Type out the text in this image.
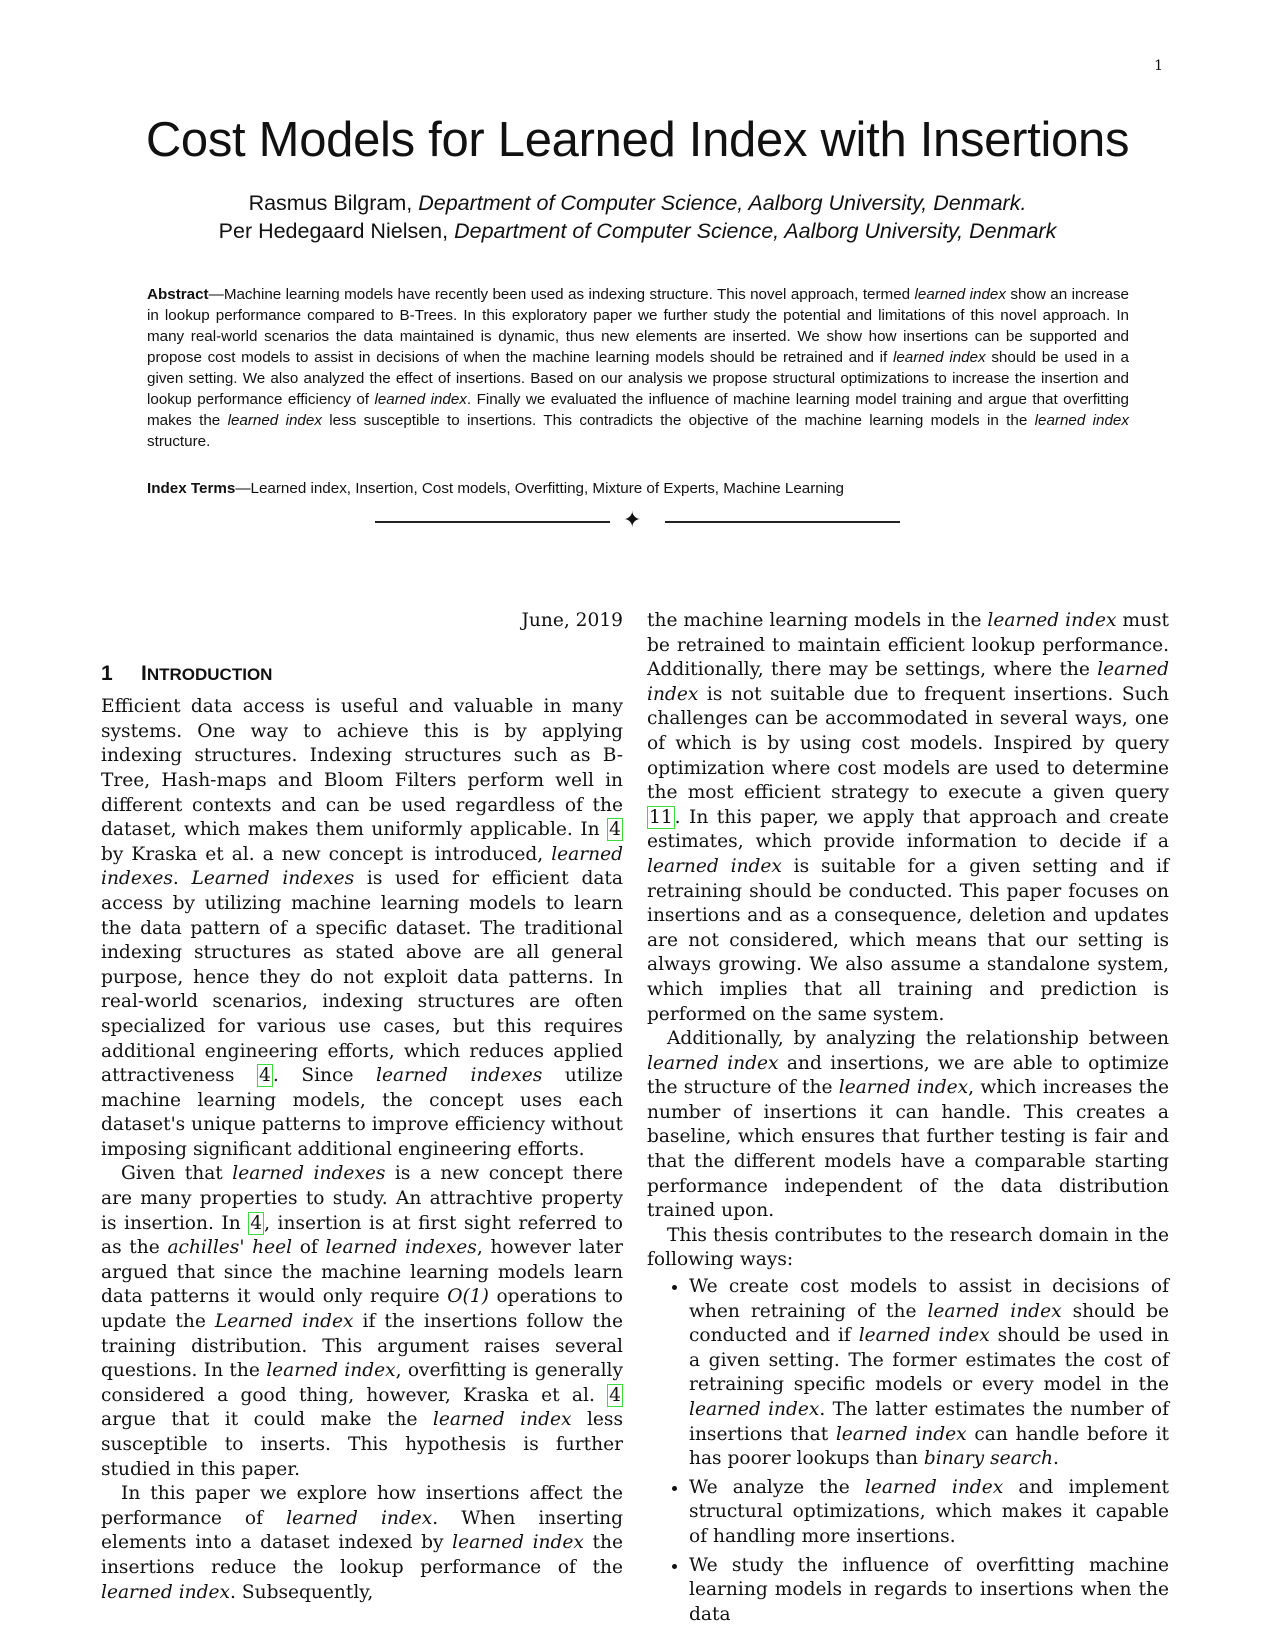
1
Cost Models for Learned Index with Insertions
Rasmus Bilgram, Department of Computer Science, Aalborg University, Denmark.
Per Hedegaard Nielsen, Department of Computer Science, Aalborg University, Denmark
Abstract—Machine learning models have recently been used as indexing structure. This novel approach, termed learned index show an increase in lookup performance compared to B-Trees. In this exploratory paper we further study the potential and limitations of this novel approach. In many real-world scenarios the data maintained is dynamic, thus new elements are inserted. We show how insertions can be supported and propose cost models to assist in decisions of when the machine learning models should be retrained and if learned index should be used in a given setting. We also analyzed the effect of insertions. Based on our analysis we propose structural optimizations to increase the insertion and lookup performance efficiency of learned index. Finally we evaluated the influence of machine learning model training and argue that overfitting makes the learned index less susceptible to insertions. This contradicts the objective of the machine learning models in the learned index structure.
Index Terms—Learned index, Insertion, Cost models, Overfitting, Mixture of Experts, Machine Learning
✦

June, 2019

1 INTRODUCTION

Efficient data access is useful and valuable in many systems. One way to achieve this is by applying indexing structures. Indexing structures such as B-Tree, Hash-maps and Bloom Filters perform well in different contexts and can be used regardless of the dataset, which makes them uniformly applicable. In 4 by Kraska et al. a new concept is introduced, learned indexes. Learned indexes is used for efficient data access by utilizing machine learning models to learn the data pattern of a specific dataset. The traditional indexing structures as stated above are all general purpose, hence they do not exploit data patterns. In real-world scenarios, indexing structures are often specialized for various use cases, but this requires additional engineering efforts, which reduces applied attractiveness 4 . Since learned indexes utilize machine learning models, the concept uses each dataset's unique patterns to improve efficiency without imposing significant additional engineering efforts.

Given that learned indexes is a new concept there are many properties to study. An attrachtive property is insertion. In 4 , insertion is at first sight referred to as the achilles' heel of learned indexes, however later argued that since the machine learning models learn data patterns it would only require O(1) operations to update the Learned index if the insertions follow the training distribution. This argument raises several questions. In the learned index, overfitting is generally considered a good thing, however, Kraska et al. 4 argue that it could make the learned index less susceptible to inserts. This hypothesis is further studied in this paper.

In this paper we explore how insertions affect the performance of learned index. When inserting elements into a dataset indexed by learned index the insertions reduce the lookup performance of the learned index. Subsequently,

the machine learning models in the learned index must be retrained to maintain efficient lookup performance. Additionally, there may be settings, where the learned index is not suitable due to frequent insertions. Such challenges can be accommodated in several ways, one of which is by using cost models. Inspired by query optimization where cost models are used to determine the most efficient strategy to execute a given query 11 . In this paper, we apply that approach and create estimates, which provide information to decide if a learned index is suitable for a given setting and if retraining should be conducted. This paper focuses on insertions and as a consequence, deletion and updates are not considered, which means that our setting is always growing. We also assume a standalone system, which implies that all training and prediction is performed on the same system.

Additionally, by analyzing the relationship between learned index and insertions, we are able to optimize the structure of the learned index, which increases the number of insertions it can handle. This creates a baseline, which ensures that further testing is fair and that the different models have a comparable starting performance independent of the data distribution trained upon.

This thesis contributes to the research domain in the following ways:

• We create cost models to assist in decisions of when retraining of the learned index should be conducted and if learned index should be used in a given setting. The former estimates the cost of retraining specific models or every model in the learned index. The latter estimates the number of insertions that learned index can handle before it has poorer lookups than binary search.
• We analyze the learned index and implement structural optimizations, which makes it capable of handling more insertions.
• We study the influence of overfitting machine learning models in regards to insertions when the data
